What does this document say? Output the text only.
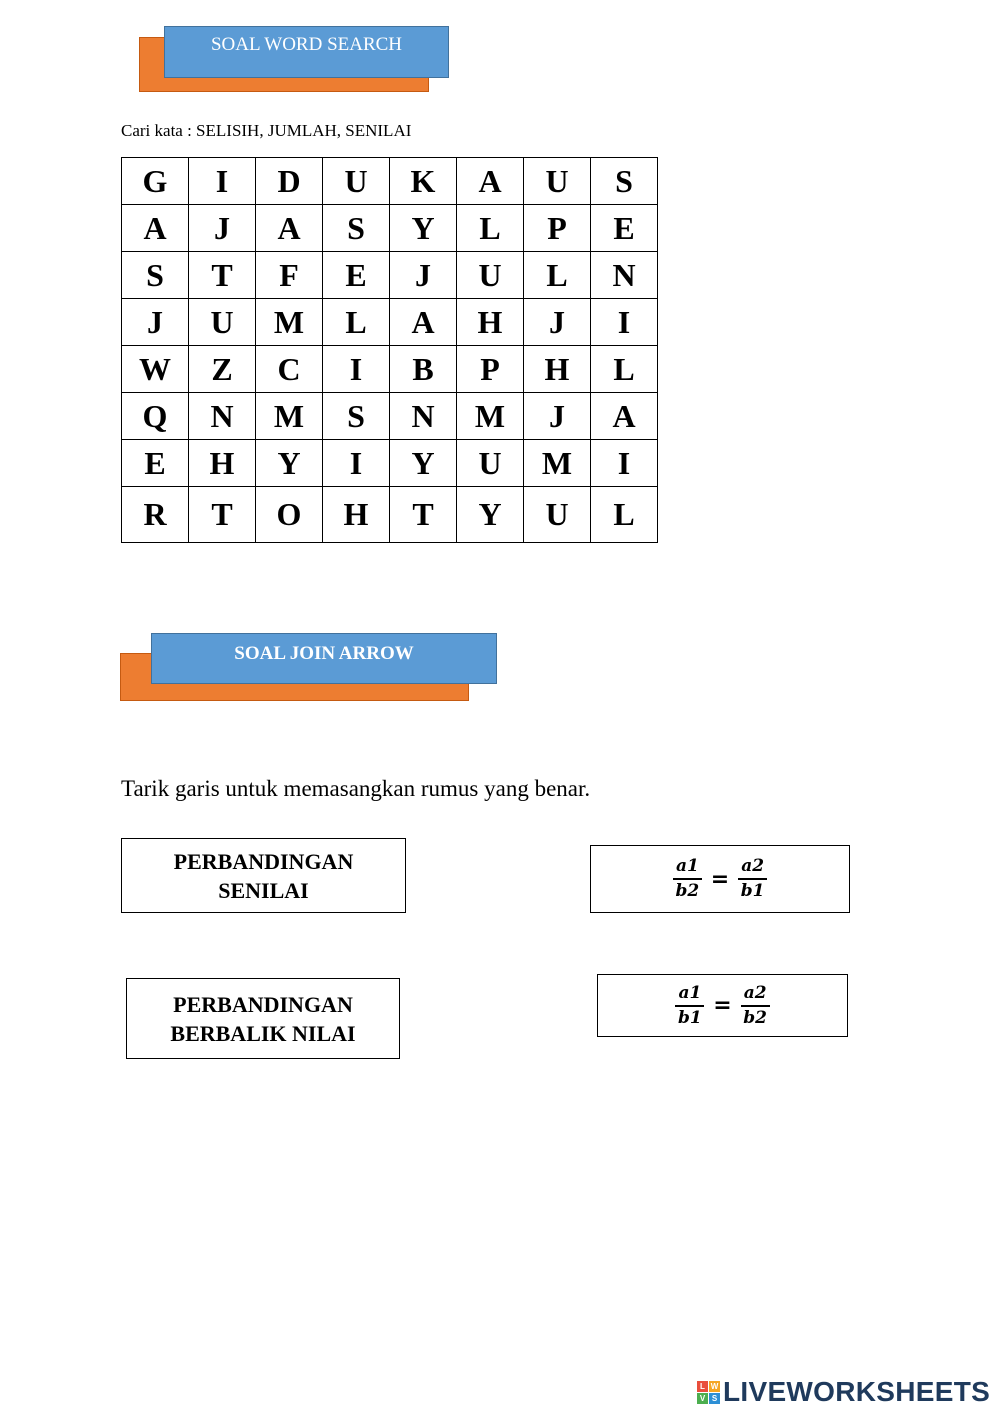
SOAL WORD SEARCH
Cari kata : SELISIH, JUMLAH, SENILAI
G	I	D	U	K	A	U	S
A	J	A	S	Y	L	P	E
S	T	F	E	J	U	L	N
J	U	M	L	A	H	J	I
W	Z	C	I	B	P	H	L
Q	N	M	S	N	M	J	A
E	H	Y	I	Y	U	M	I
R	T	O	H	T	Y	U	L
SOAL JOIN ARROW
Tarik garis untuk memasangkan rumus yang benar.
PERBANDINGAN
SENILAI
PERBANDINGAN
BERBALIK NILAI
$\frac{a1}{b2} = \frac{a2}{b1}$
$\frac{a1}{b1} = \frac{a2}{b2}$
L W
V S LIVEWORKSHEETS
